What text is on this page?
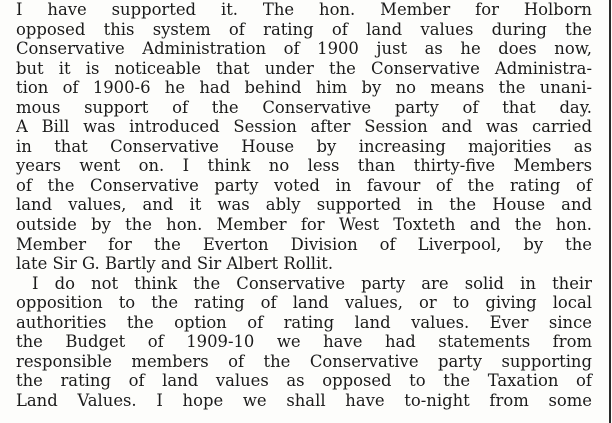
I have supported it. The hon. Member for Holborn
opposed this system of rating of land values during the
Conservative Administration of 1900 just as he does now,
but it is noticeable that under the Conservative Administra-
tion of 1900-6 he had behind him by no means the unani-
mous support of the Conservative party of that day.
A Bill was introduced Session after Session and was carried
in that Conservative House by increasing majorities as
years went on. I think no less than thirty-five Members
of the Conservative party voted in favour of the rating of
land values, and it was ably supported in the House and
outside by the hon. Member for West Toxteth and the hon.
Member for the Everton Division of Liverpool, by the
late Sir G. Bartly and Sir Albert Rollit.
I do not think the Conservative party are solid in their
opposition to the rating of land values, or to giving local
authorities the option of rating land values. Ever since
the Budget of 1909-10 we have had statements from
responsible members of the Conservative party supporting
the rating of land values as opposed to the Taxation of
Land Values. I hope we shall have to-night from some
